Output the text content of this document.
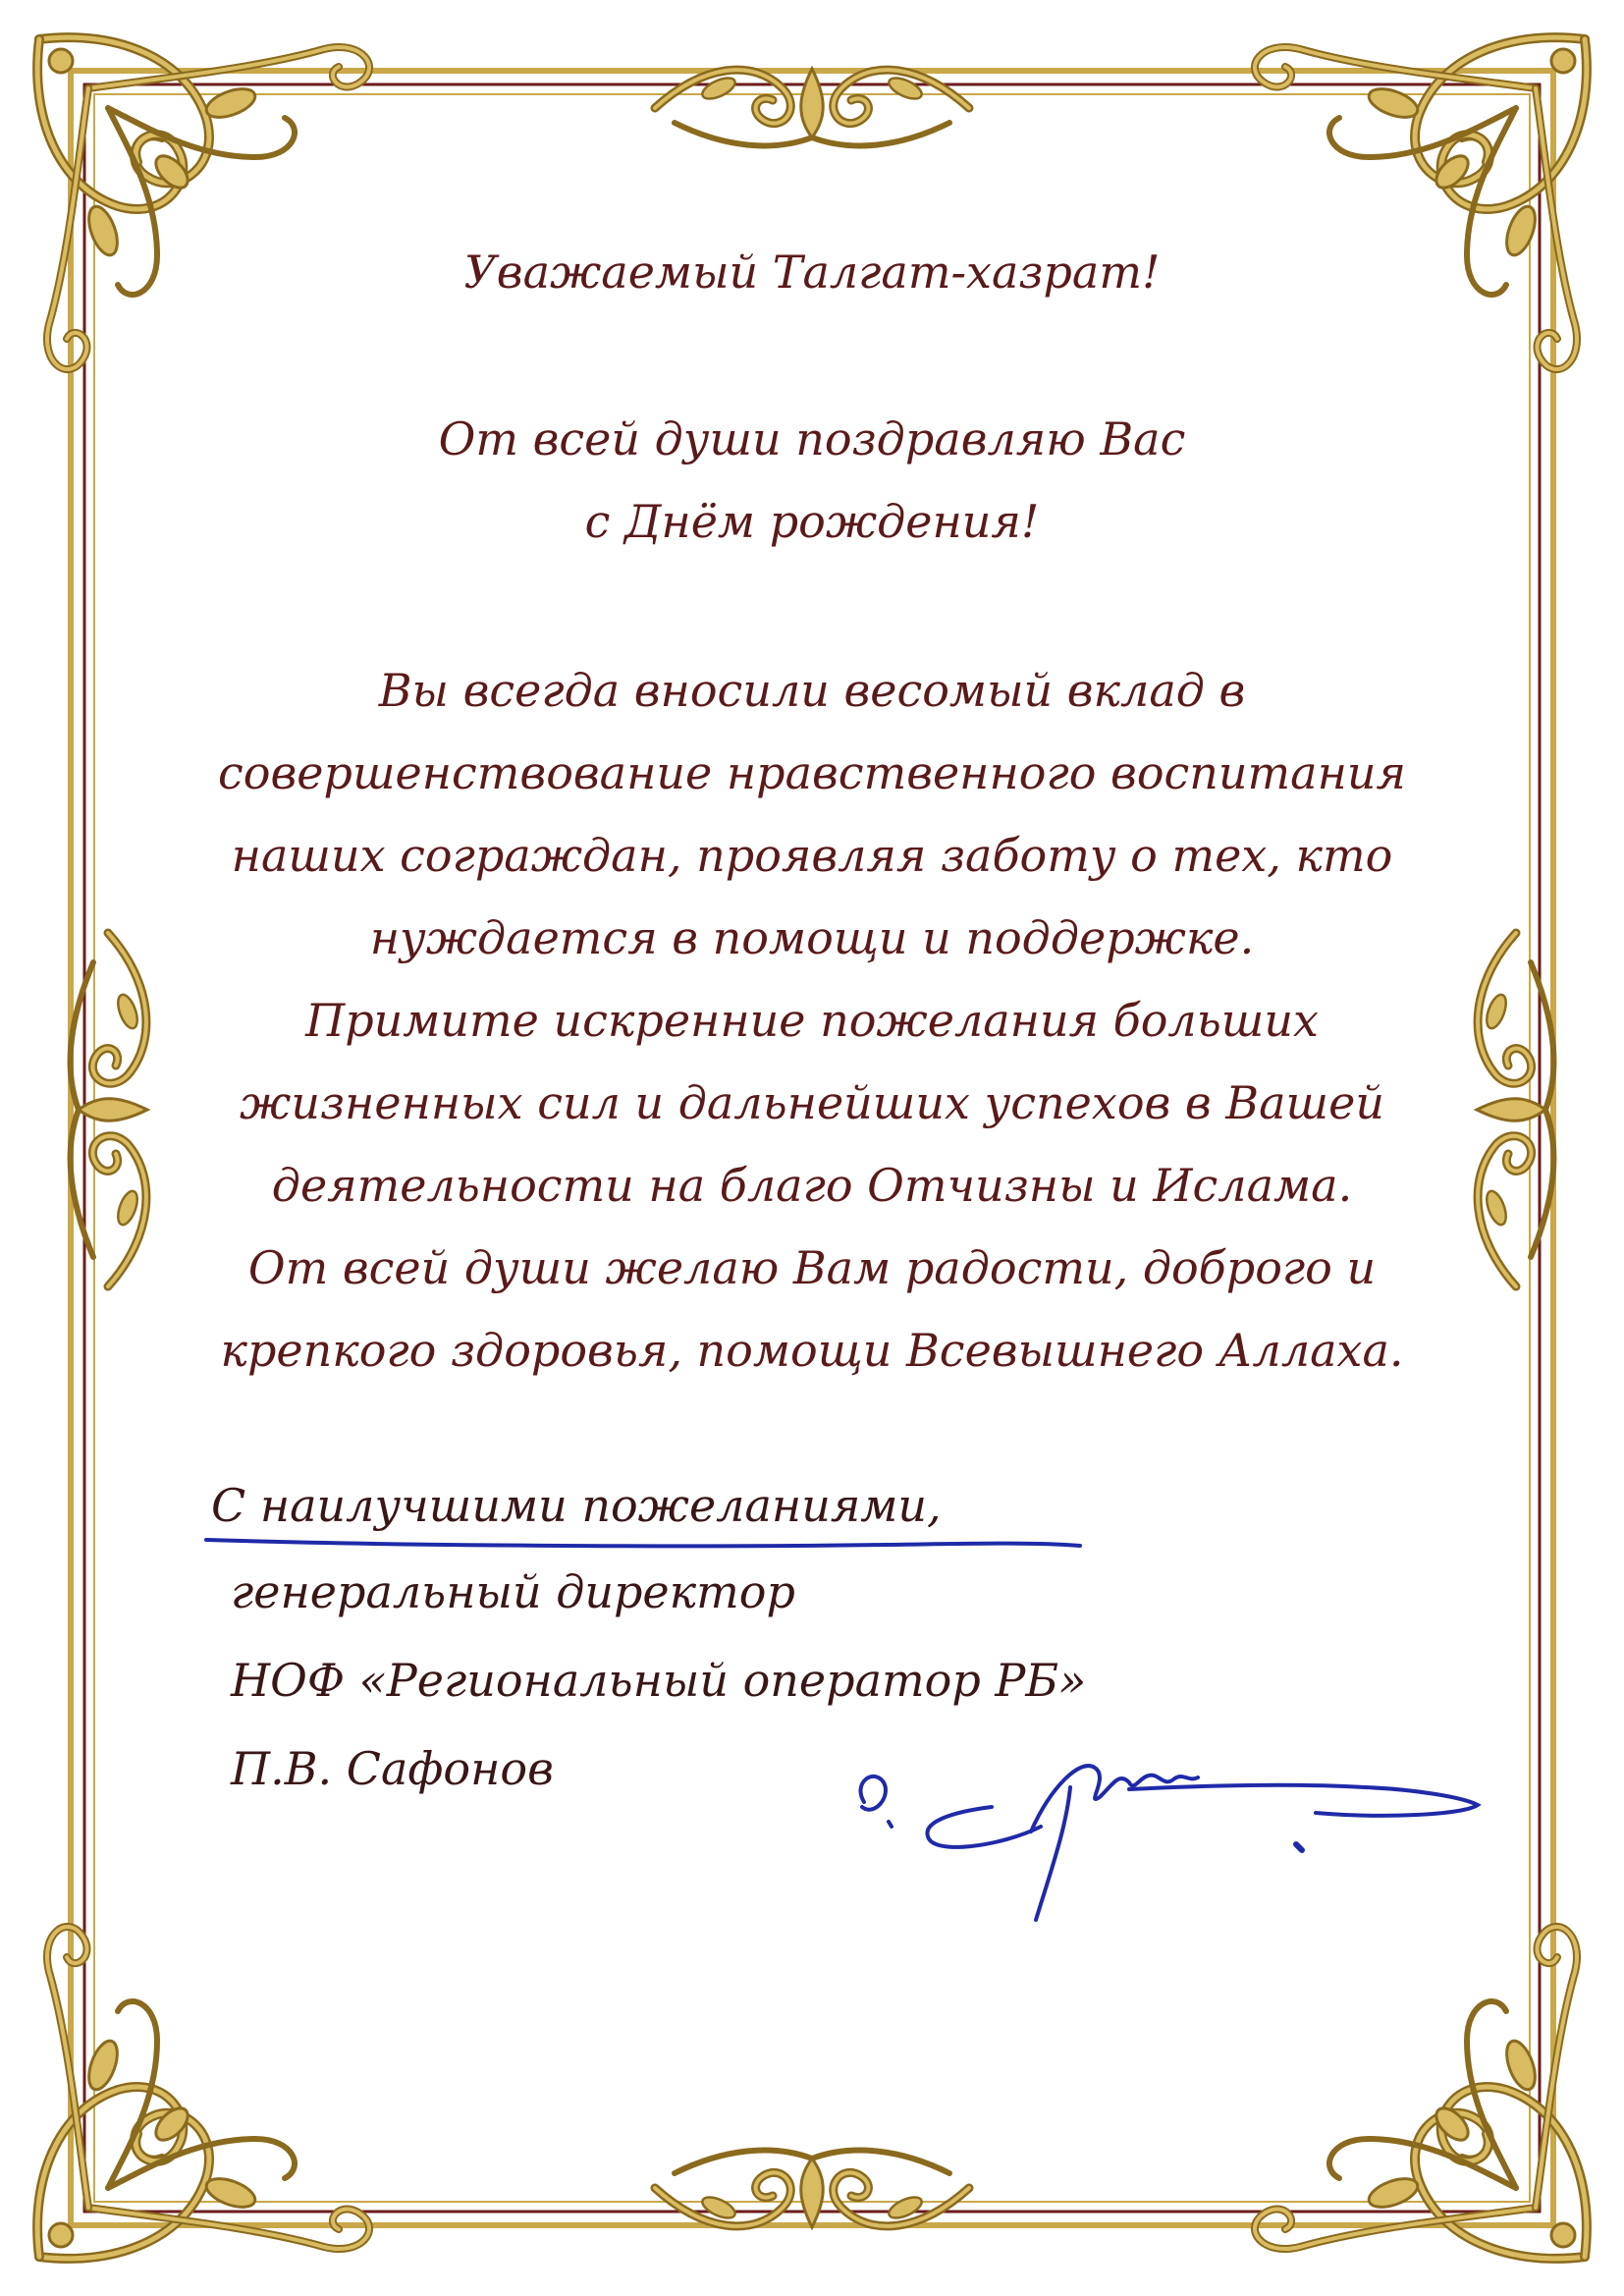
Уважаемый Талгат-хазрат!
От всей души поздравляю Вас
с Днём рождения!
Вы всегда вносили весомый вклад в
совершенствование нравственного воспитания
наших сограждан, проявляя заботу о тех, кто
нуждается в помощи и поддержке.
Примите искренние пожелания больших
жизненных сил и дальнейших успехов в Вашей
деятельности на благо Отчизны и Ислама.
От всей души желаю Вам радости, доброго и
крепкого здоровья, помощи Всевышнего Аллаха.
С наилучшими пожеланиями,
генеральный директор
НОФ «Региональный оператор РБ»
П.В. Сафонов
